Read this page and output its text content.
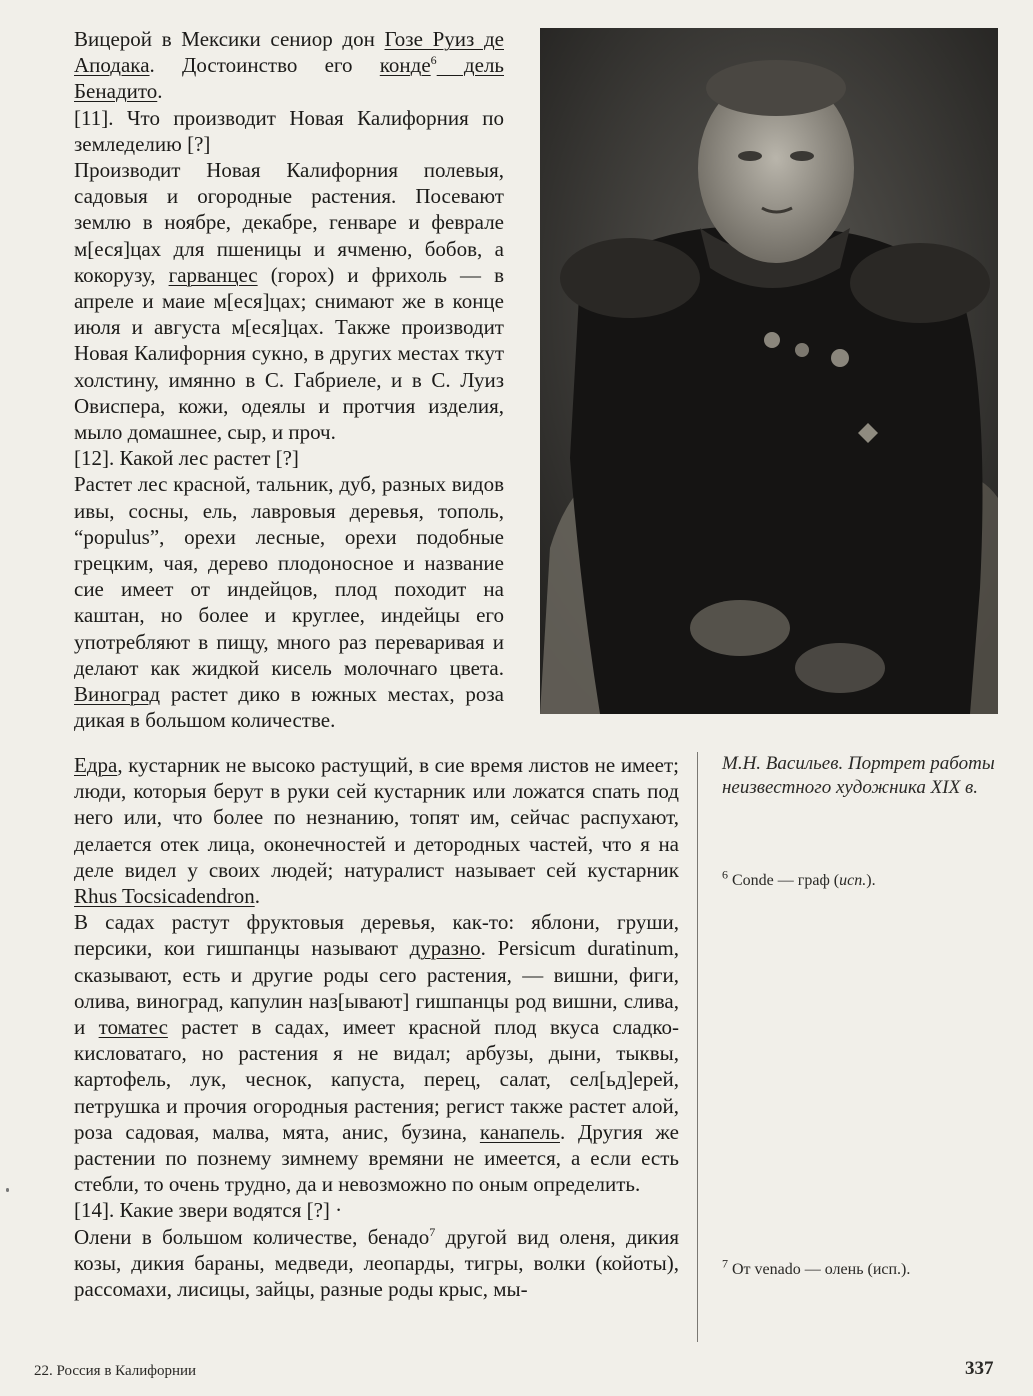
Вицерой в Мексики сениор дон Гозе Руиз де Аподака. Достоинство его конде$^6$ дель Бенадито.

[11]. Что производит Новая Калифорния по земледелию [?]

Производит Новая Калифорния полевыя, садовыя и огородные растения. Посевают землю в ноябре, декабре, генваре и феврале м[еся]цах для пшеницы и ячменю, бобов, а кокорузу, гарванцес (горох) и фрихоль — в апреле и маие м[еся]цах; снимают же в конце июля и августа м[еся]цах. Также производит Новая Калифорния сукно, в других местах ткут холстину, имянно в С. Габриеле, и в С. Луиз Овиспера, кожи, одеялы и протчия изделия, мыло домашнее, сыр, и проч.

[12]. Какой лес растет [?]

Растет лес красной, тальник, дуб, разных видов ивы, сосны, ель, лавровыя деревья, тополь, “populus”, орехи лесные, орехи подобные грецким, чая, дерево плодоносное и название сие имеет от индейцов, плод походит на каштан, но более и круглее, индейцы его употребляют в пищу, много раз переваривая и делают как жидкой кисель молочнаго цвета. Виноград растет дико в южных местах, роза дикая в большом количестве.

Едра, кустарник не высоко растущий, в сие время листов не имеет; люди, которыя берут в руки сей кустарник или ложатся спать под него или, что более по незнанию, топят им, сейчас распухают, делается отек лица, оконечностей и детородных частей, что я на деле видел у своих людей; натуралист называет сей кустарник Rhus Tocsicadendron.

В садах растут фруктовыя деревья, как-то: яблони, груши, персики, кои гишпанцы называют дуразно. Persicum duratinum, сказывают, есть и другие роды сего растения, — вишни, фиги, олива, виноград, капулин наз[ывают] гишпанцы род вишни, слива, и томатес растет в садах, имеет красной плод вкуса сладко-кисловатаго, но растения я не видал; арбузы, дыни, тыквы, картофель, лук, чеснок, капуста, перец, салат, сел[ьд]ерей, петрушка и прочия огородныя растения; регист также растет алой, роза садовая, малва, мята, анис, бузина, канапель. Другия же растении по познему зимнему времяни не имеется, а если есть стебли, то очень трудно, да и невозможно по оным определить.

[14]. Какие звери водятся [?] ·

Олени в большом количестве, бенадо$^7$ другой вид оленя, дикия козы, дикия бараны, медведи, леопарды, тигры, волки (койоты), рассомахи, лисицы, зайцы, разные роды крыс, мы-

М.Н. Васильев. Портрет работы неизвестного художника XIX в.
$^6$ Conde — граф (исп.).
$^7$ От venado — олень (исп.).
22. Россия в Калифорнии	337
